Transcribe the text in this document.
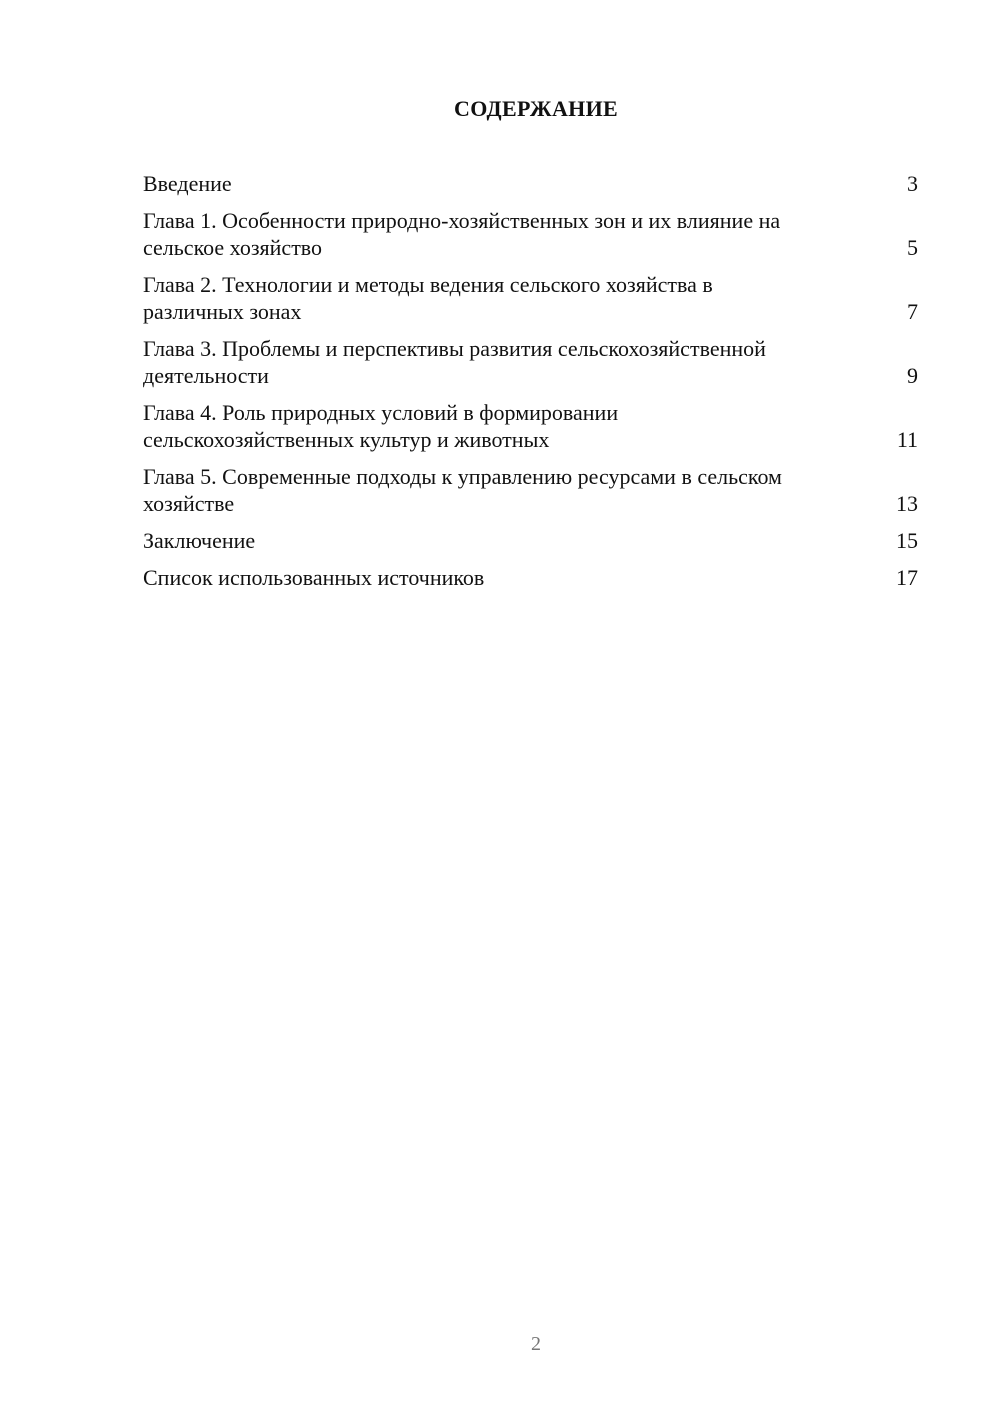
СОДЕРЖАНИЕ
Введение	3
Глава 1. Особенности природно-хозяйственных зон и их влияние на сельское хозяйство	5
Глава 2. Технологии и методы ведения сельского хозяйства в различных зонах	7
Глава 3. Проблемы и перспективы развития сельскохозяйственной деятельности	9
Глава 4. Роль природных условий в формировании сельскохозяйственных культур и животных	11
Глава 5. Современные подходы к управлению ресурсами в сельском хозяйстве	13
Заключение	15
Список использованных источников	17
2
